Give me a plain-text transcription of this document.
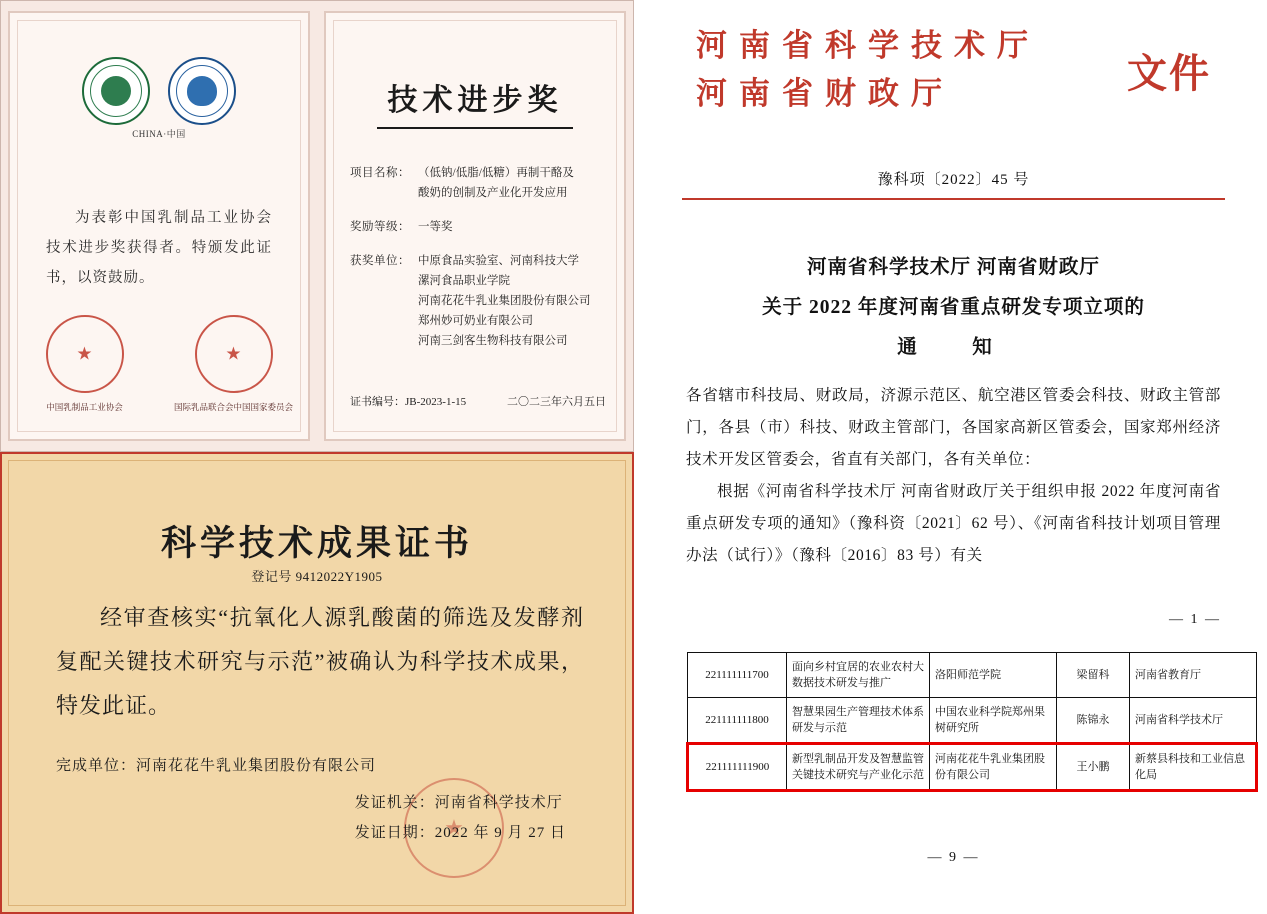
CHINA·中国
为表彰中国乳制品工业协会技术进步奖获得者。特颁发此证书，以资鼓励。
★
★
中国乳制品工业协会	国际乳品联合会中国国家委员会
技术进步奖
项目名称： （低钠/低脂/低糖）再制干酪及
酸奶的创制及产业化开发应用
奖励等级： 一等奖
获奖单位： 中原食品实验室、河南科技大学
漯河食品职业学院
河南花花牛乳业集团股份有限公司
郑州妙可奶业有限公司
河南三剑客生物科技有限公司
证书编号：JB-2023-1-15	二〇二三年六月五日
科学技术成果证书
登记号 9412022Y1905
经审查核实“抗氧化人源乳酸菌的筛选及发酵剂复配关键技术研究与示范”被确认为科学技术成果，特发此证。
完成单位：河南花花牛乳业集团股份有限公司
★
发证机关：河南省科学技术厅
发证日期：2022 年 9 月 27 日
河南省科学技术厅
河南省财政厅	文件
豫科项〔2022〕45 号
河南省科学技术厅 河南省财政厅
关于 2022 年度河南省重点研发专项立项的
通　知

各省辖市科技局、财政局，济源示范区、航空港区管委会科技、财政主管部门，各县（市）科技、财政主管部门，各国家高新区管委会，国家郑州经济技术开发区管委会，省直有关部门，各有关单位：

根据《河南省科学技术厅 河南省财政厅关于组织申报 2022 年度河南省重点研发专项的通知》（豫科资〔2021〕62 号）、《河南省科技计划项目管理办法（试行）》（豫科〔2016〕83 号）有关

— 1 —
221111111700	面向乡村宜居的农业农村大数据技术研发与推广	洛阳师范学院	梁留科	河南省教育厅
221111111800	智慧果园生产管理技术体系研发与示范	中国农业科学院郑州果树研究所	陈锦永	河南省科学技术厅
221111111900	新型乳制品开发及智慧监管关键技术研究与产业化示范	河南花花牛乳业集团股份有限公司	王小鹏	新蔡县科技和工业信息化局
— 9 —
